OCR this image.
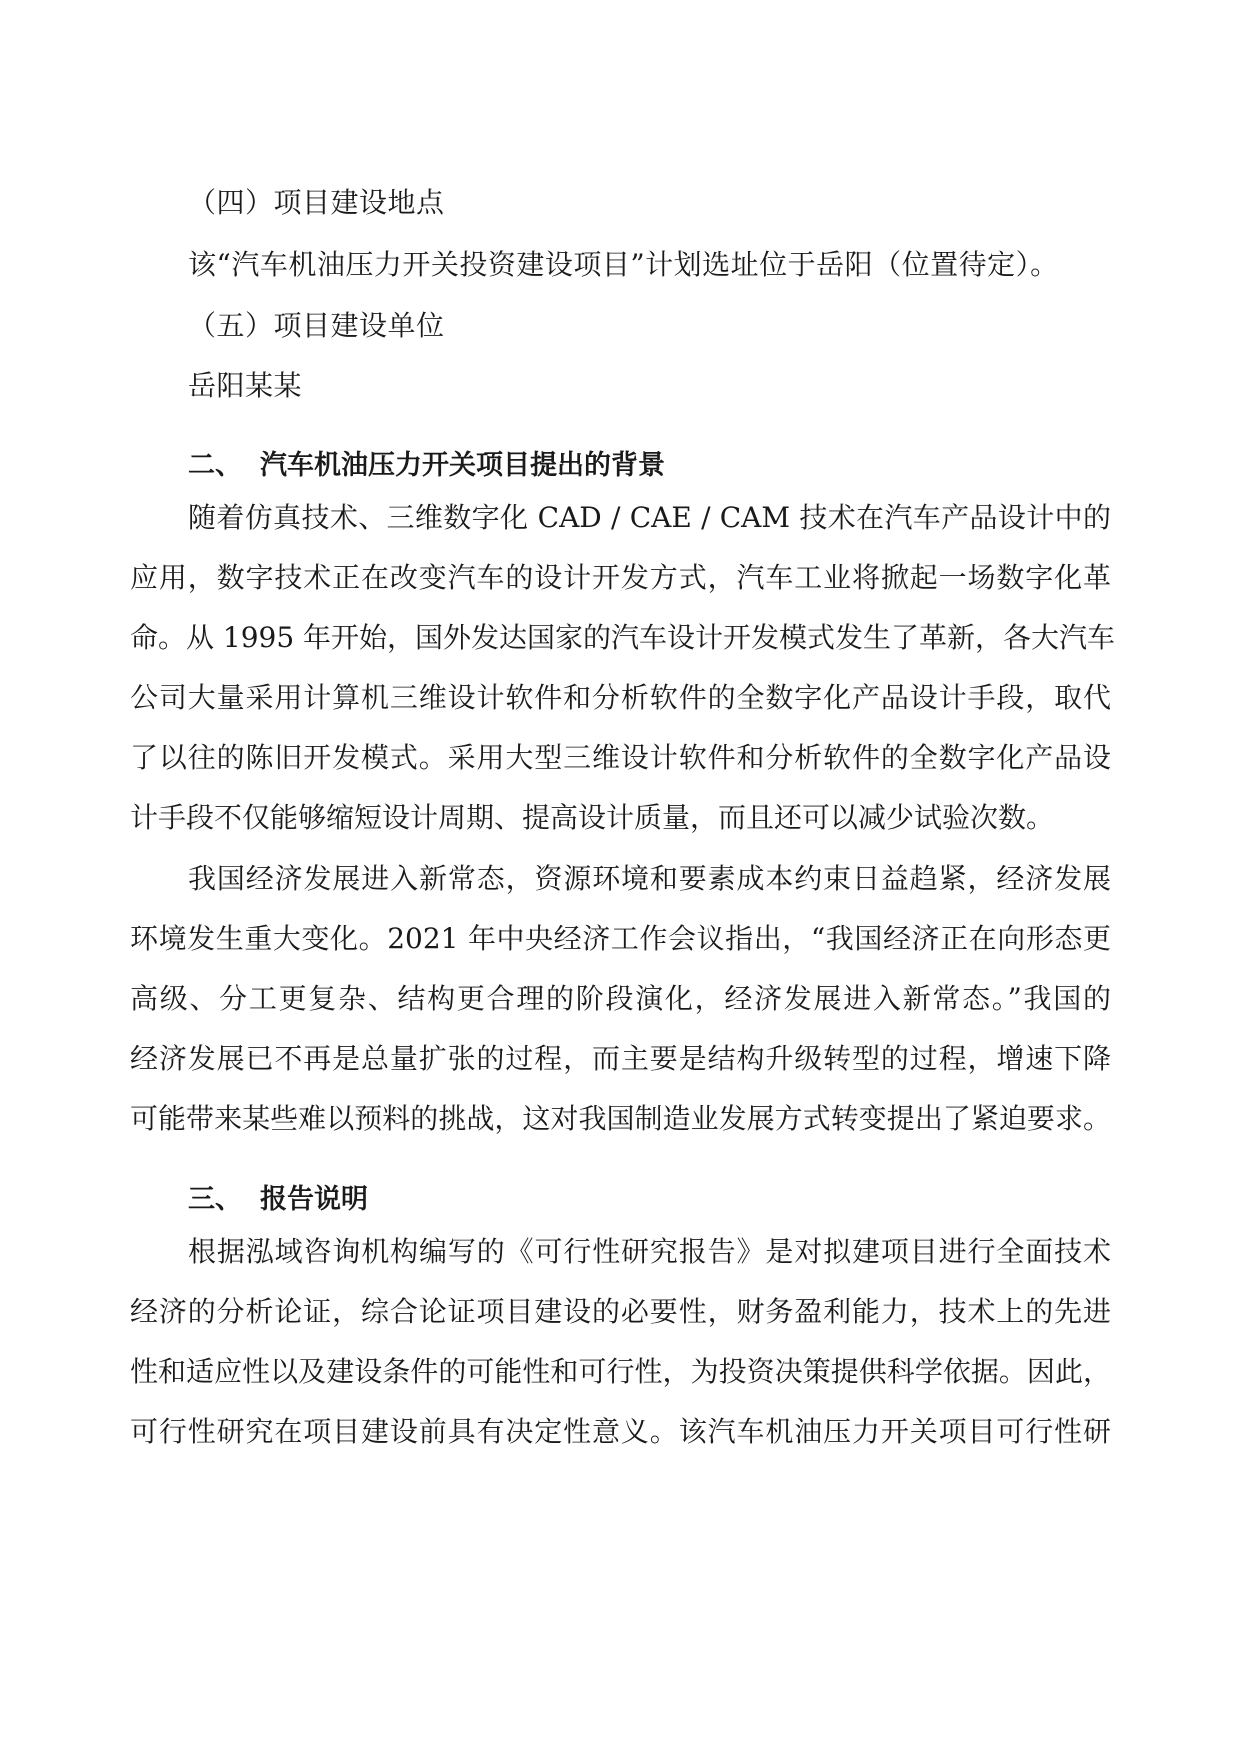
（四）项目建设地点
该“汽车机油压力开关投资建设项目”计划选址位于岳阳（位置待定）。
（五）项目建设单位
岳阳某某
二、 汽车机油压力开关项目提出的背景
随着仿真技术、三维数字化 CAD / CAE / CAM 技术在汽车产品设计中的
应用，数字技术正在改变汽车的设计开发方式，汽车工业将掀起一场数字化革
命。从 1995 年开始，国外发达国家的汽车设计开发模式发生了革新，各大汽车
公司大量采用计算机三维设计软件和分析软件的全数字化产品设计手段，取代
了以往的陈旧开发模式。采用大型三维设计软件和分析软件的全数字化产品设
计手段不仅能够缩短设计周期、提高设计质量，而且还可以减少试验次数。
我国经济发展进入新常态，资源环境和要素成本约束日益趋紧，经济发展
环境发生重大变化。2021 年中央经济工作会议指出，“我国经济正在向形态更
高级、分工更复杂、结构更合理的阶段演化，经济发展进入新常态。”我国的
经济发展已不再是总量扩张的过程，而主要是结构升级转型的过程，增速下降
可能带来某些难以预料的挑战，这对我国制造业发展方式转变提出了紧迫要求。
三、 报告说明
根据泓域咨询机构编写的《可行性研究报告》是对拟建项目进行全面技术
经济的分析论证，综合论证项目建设的必要性，财务盈利能力，技术上的先进
性和适应性以及建设条件的可能性和可行性，为投资决策提供科学依据。因此，
可行性研究在项目建设前具有决定性意义。该汽车机油压力开关项目可行性研
